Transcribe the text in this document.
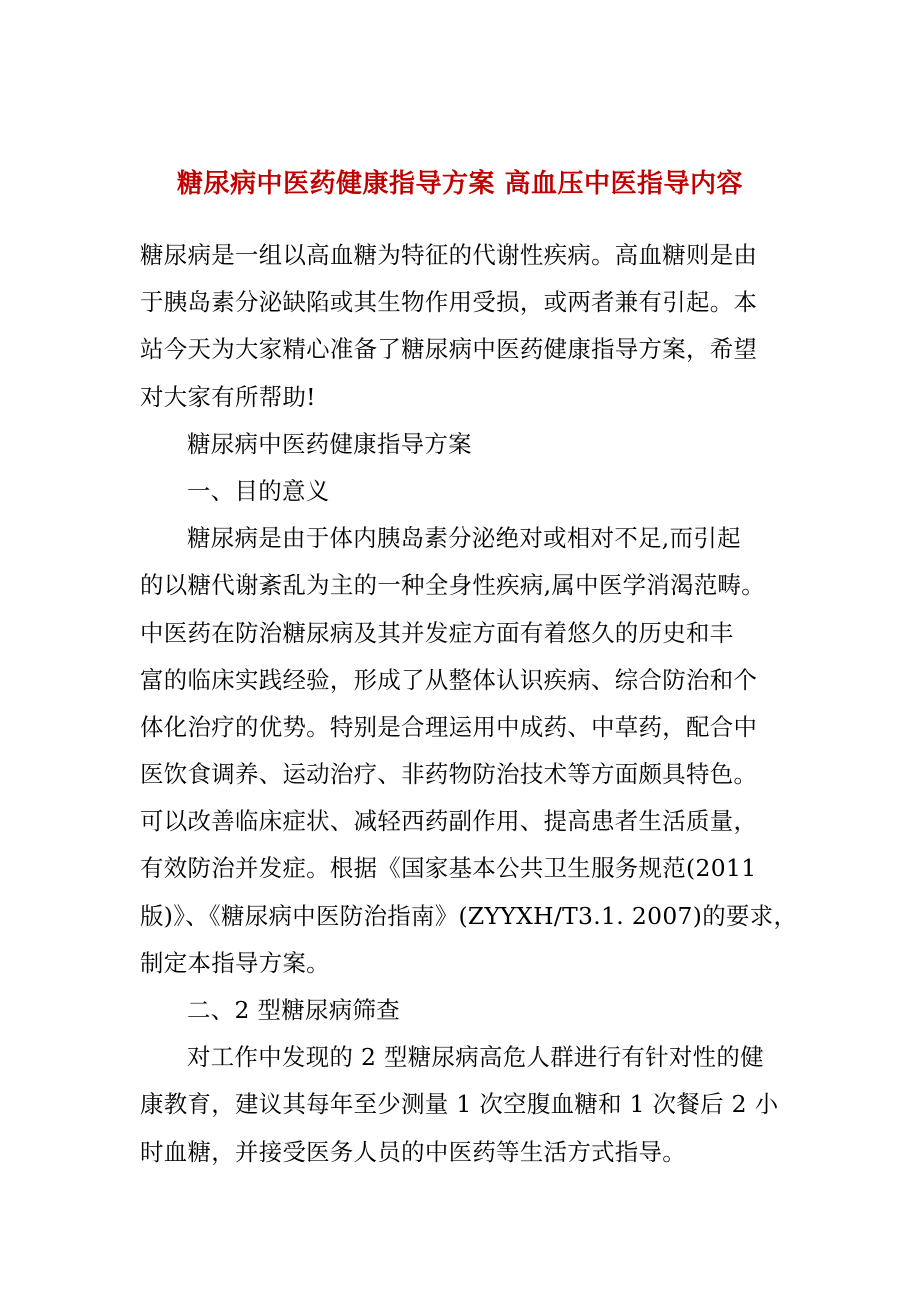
糖尿病中医药健康指导方案 高血压中医指导内容
糖尿病是一组以高血糖为特征的代谢性疾病。高血糖则是由
于胰岛素分泌缺陷或其生物作用受损，或两者兼有引起。本
站今天为大家精心准备了糖尿病中医药健康指导方案，希望
对大家有所帮助!
糖尿病中医药健康指导方案
一、目的意义
糖尿病是由于体内胰岛素分泌绝对或相对不足,而引起
的以糖代谢紊乱为主的一种全身性疾病,属中医学消渴范畴。
中医药在防治糖尿病及其并发症方面有着悠久的历史和丰
富的临床实践经验，形成了从整体认识疾病、综合防治和个
体化治疗的优势。特别是合理运用中成药、中草药，配合中
医饮食调养、运动治疗、非药物防治技术等方面颇具特色。
可以改善临床症状、减轻西药副作用、提高患者生活质量，
有效防治并发症。根据《国家基本公共卫生服务规范(2011
版)》、《糖尿病中医防治指南》(ZYYXH/T3.1. 2007)的要求，
制定本指导方案。
二、2 型糖尿病筛查
对工作中发现的 2 型糖尿病高危人群进行有针对性的健
康教育，建议其每年至少测量 1 次空腹血糖和 1 次餐后 2 小
时血糖，并接受医务人员的中医药等生活方式指导。
